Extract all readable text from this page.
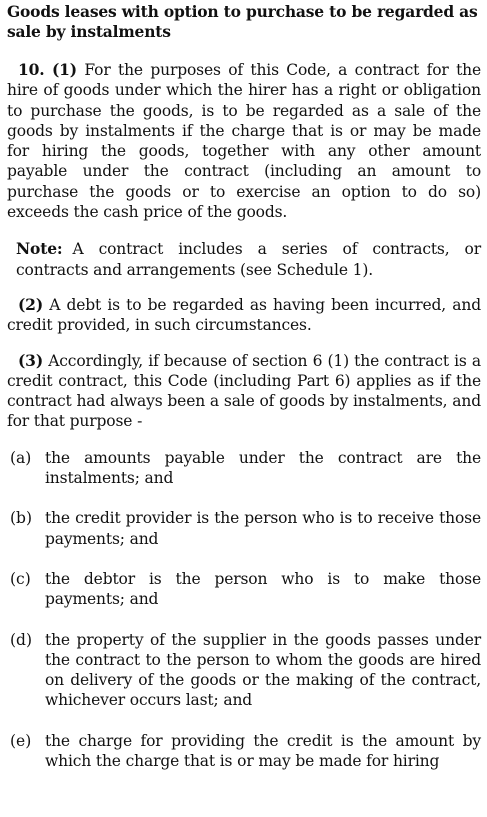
Goods leases with option to purchase to be regarded as sale by instalments

10. (1) For the purposes of this Code, a contract for the hire of goods under which the hirer has a right or obligation to purchase the goods, is to be regarded as a sale of the goods by instalments if the charge that is or may be made for hiring the goods, together with any other amount payable under the contract (including an amount to purchase the goods or to exercise an option to do so) exceeds the cash price of the goods.

Note: A contract includes a series of contracts, or contracts and arrangements (see Schedule 1).

(2) A debt is to be regarded as having been incurred, and credit provided, in such circumstances.

(3) Accordingly, if because of section 6 (1) the contract is a credit contract, this Code (including Part 6) applies as if the contract had always been a sale of goods by instalments, and for that purpose -

(a) the amounts payable under the contract are the instalments; and
(b) the credit provider is the person who is to receive those payments; and
(c) the debtor is the person who is to make those payments; and
(d) the property of the supplier in the goods passes under the contract to the person to whom the goods are hired on delivery of the goods or the making of the contract, whichever occurs last; and
(e) the charge for providing the credit is the amount by which the charge that is or may be made for hiring
